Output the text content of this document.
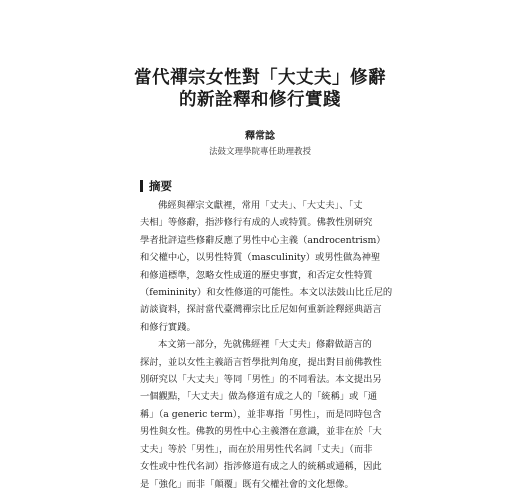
當代禪宗女性對「大丈夫」修辭
的新詮釋和修行實踐

釋常諗

法鼓文理學院專任助理教授

摘要

佛經與禪宗文獻裡，常用「丈夫」、「大丈夫」、「丈
夫相」等修辭，指涉修行有成的人或特質。佛教性別研究
學者批評這些修辭反應了男性中心主義（androcentrism）
和父權中心，以男性特質（masculinity）或男性做為神聖
和修道標準，忽略女性成道的歷史事實，和否定女性特質
（femininity）和女性修道的可能性。本文以法鼓山比丘尼的
訪談資料，探討當代臺灣禪宗比丘尼如何重新詮釋經典語言
和修行實踐。

本文第一部分，先就佛經裡「大丈夫」修辭做語言的
探討，並以女性主義語言哲學批判角度，提出對目前佛教性
別研究以「大丈夫」等同「男性」的不同看法。本文提出另
一個觀點，「大丈夫」做為修道有成之人的「統稱」或「通
稱」（a generic term），並非專指「男性」，而是同時包含
男性與女性。佛教的男性中心主義潛在意識，並非在於「大
丈夫」等於「男性」，而在於用男性代名詞「丈夫」（而非
女性或中性代名詞）指涉修道有成之人的統稱或通稱，因此
是「強化」而非「顛覆」既有父權社會的文化想像。
